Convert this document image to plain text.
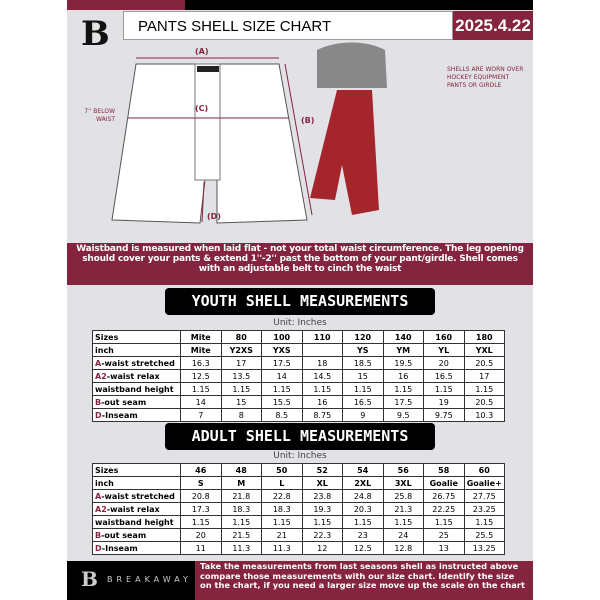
B	PANTS SHELL SIZE CHART	2025.4.22
(A)
(C)
(B)
(D)
7'' BELOW WAIST
SHELLS ARE WORN OVER HOCKEY EQUIPMENT PANTS OR GIRDLE
Waistband is measured when laid flat - not your total waist circumference. The leg opening should cover your pants & extend 1''-2'' past the bottom of your pant/girdle. Shell comes with an adjustable belt to cinch the waist
YOUTH SHELL MEASUREMENTS
Unit: Inches
Sizes	Mite	80	100	110	120	140	160	180
inch	Mite	Y2XS	YXS		YS	YM	YL	YXL
A-waist stretched	16.3	17	17.5	18	18.5	19.5	20	20.5
A2-waist relax	12.5	13.5	14	14.5	15	16	16.5	17
waistband height	1.15	1.15	1.15	1.15	1.15	1.15	1.15	1.15
B-out seam	14	15	15.5	16	16.5	17.5	19	20.5
D-Inseam	7	8	8.5	8.75	9	9.5	9.75	10.3
ADULT SHELL MEASUREMENTS
Unit: Inches
Sizes	46	48	50	52	54	56	58	60
inch	S	M	L	XL	2XL	3XL	Goalie	Goalie+
A-waist stretched	20.8	21.8	22.8	23.8	24.8	25.8	26.75	27.75
A2-waist relax	17.3	18.3	18.3	19.3	20.3	21.3	22.25	23.25
waistband height	1.15	1.15	1.15	1.15	1.15	1.15	1.15	1.15
B-out seam	20	21.5	21	22.3	23	24	25	25.5
D-Inseam	11	11.3	11.3	12	12.5	12.8	13	13.25
B BREAKAWAY
Take the measurements from last seasons shell as instructed above compare those measurements with our size chart. Identify the size on the chart, if you need a larger size move up the scale on the chart
